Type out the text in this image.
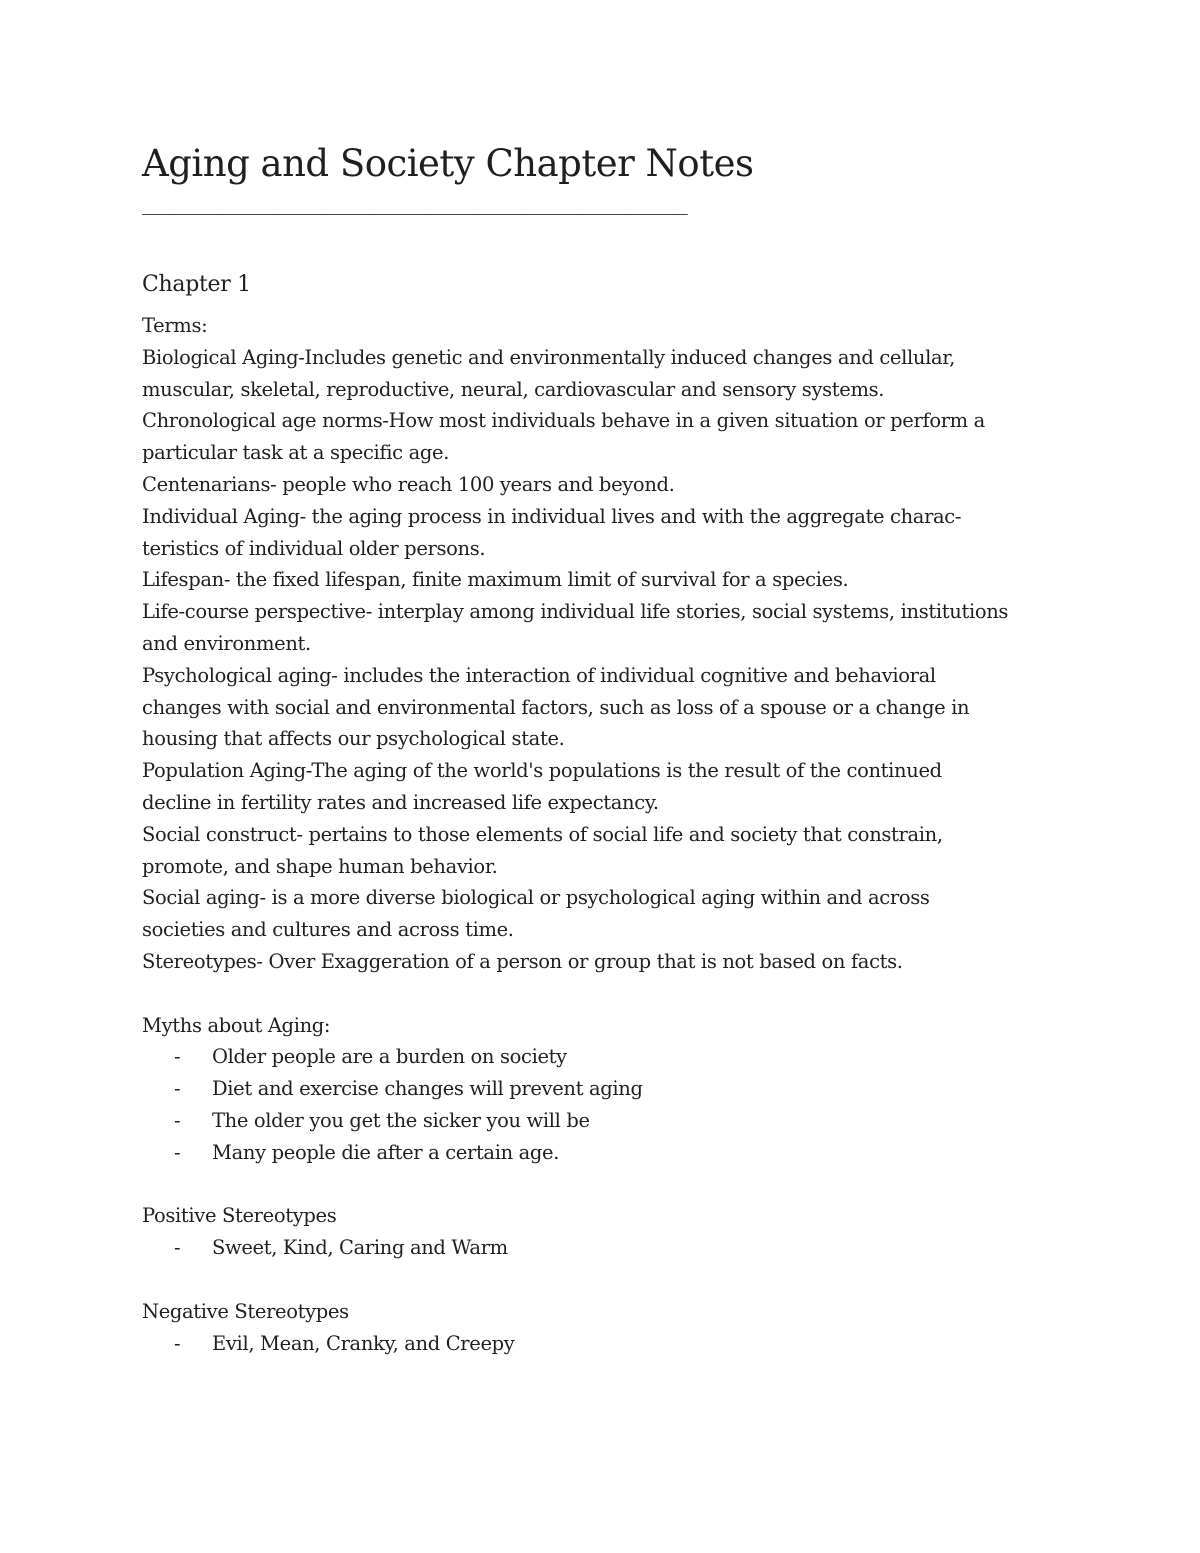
Aging and Society Chapter Notes

______________________________________________________

Chapter 1

Terms:

Biological Aging-Includes genetic and environmentally induced changes and cellular,

muscular, skeletal, reproductive, neural, cardiovascular and sensory systems.

Chronological age norms-How most individuals behave in a given situation or perform a

particular task at a specific age.

Centenarians- people who reach 100 years and beyond.

Individual Aging- the aging process in individual lives and with the aggregate charac-

teristics of individual older persons.

Lifespan- the fixed lifespan, finite maximum limit of survival for a species.

Life-course perspective- interplay among individual life stories, social systems, institutions

and environment.

Psychological aging- includes the interaction of individual cognitive and behavioral

changes with social and environmental factors, such as loss of a spouse or a change in

housing that affects our psychological state.

Population Aging-The aging of the world's populations is the result of the continued

decline in fertility rates and increased life expectancy.

Social construct- pertains to those elements of social life and society that constrain,

promote, and shape human behavior.

Social aging- is a more diverse biological or psychological aging within and across

societies and cultures and across time.

Stereotypes- Over Exaggeration of a person or group that is not based on facts.

Myths about Aging:

-	Older people are a burden on society

-	Diet and exercise changes will prevent aging

-	The older you get the sicker you will be

-	Many people die after a certain age.

Positive Stereotypes

-	Sweet, Kind, Caring and Warm

Negative Stereotypes

-	Evil, Mean, Cranky, and Creepy
